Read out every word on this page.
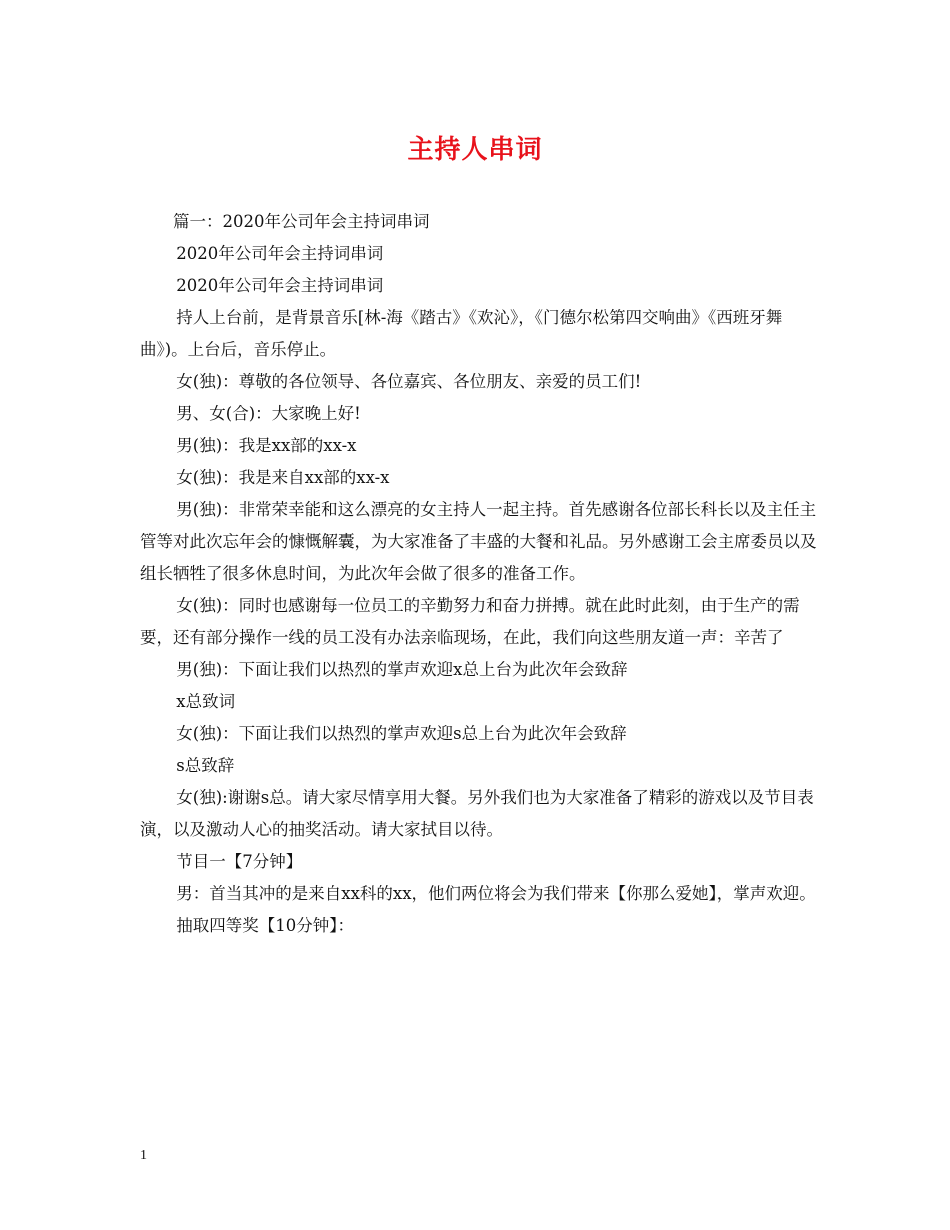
主持人串词

篇一：2020年公司年会主持词串词

2020年公司年会主持词串词

2020年公司年会主持词串词

持人上台前，是背景音乐[林-海《踏古》《欢沁》，《门德尔松第四交响曲》《西班牙舞曲》)。上台后，音乐停止。

女(独)：尊敬的各位领导、各位嘉宾、各位朋友、亲爱的员工们!

男、女(合)：大家晚上好!

男(独)：我是xx部的xx-x

女(独)：我是来自xx部的xx-x

男(独)：非常荣幸能和这么漂亮的女主持人一起主持。首先感谢各位部长科长以及主任主管等对此次忘年会的慷慨解囊，为大家准备了丰盛的大餐和礼品。另外感谢工会主席委员以及组长牺牲了很多休息时间，为此次年会做了很多的准备工作。

女(独)：同时也感谢每一位员工的辛勤努力和奋力拼搏。就在此时此刻，由于生产的需要，还有部分操作一线的员工没有办法亲临现场，在此，我们向这些朋友道一声：辛苦了

男(独)：下面让我们以热烈的掌声欢迎x总上台为此次年会致辞

x总致词

女(独)：下面让我们以热烈的掌声欢迎s总上台为此次年会致辞

s总致辞

女(独):谢谢s总。请大家尽情享用大餐。另外我们也为大家准备了精彩的游戏以及节目表演，以及激动人心的抽奖活动。请大家拭目以待。

节目一【7分钟】

男：首当其冲的是来自xx科的xx，他们两位将会为我们带来【你那么爱她】，掌声欢迎。

抽取四等奖【10分钟】：

1
